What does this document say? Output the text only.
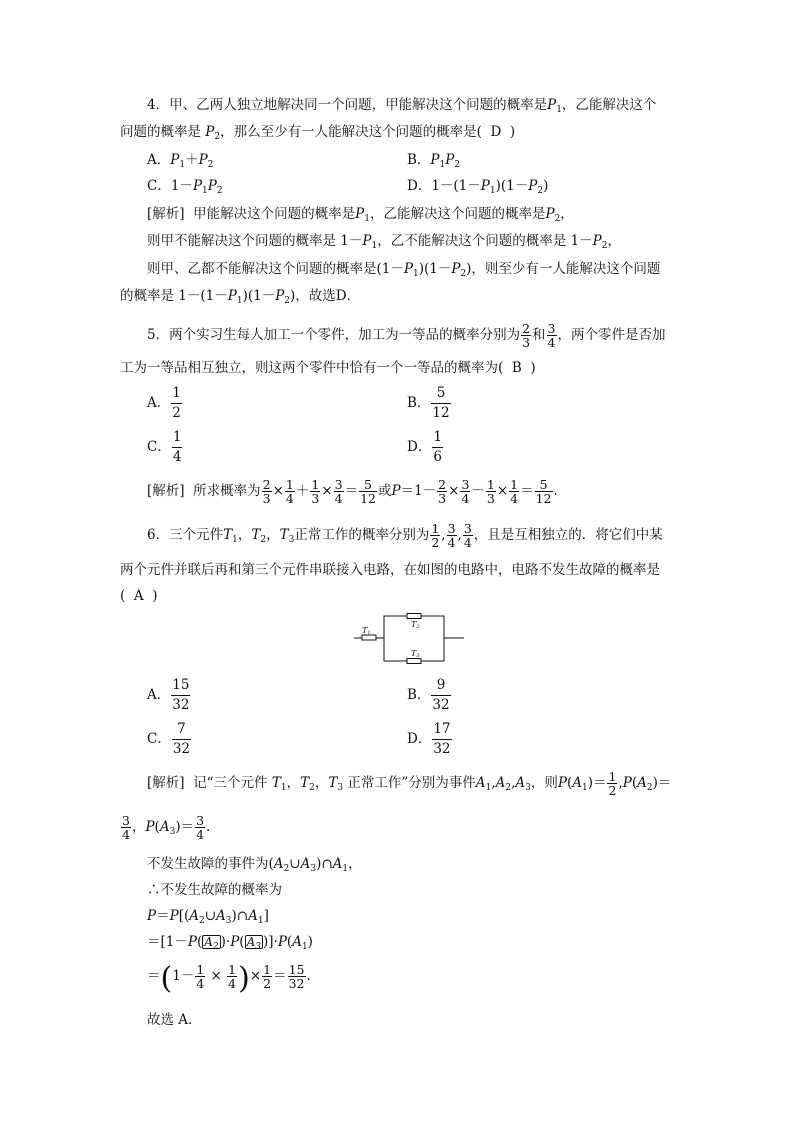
4．甲、乙两人独立地解决同一个问题，甲能解决这个问题的概率是$P_1$，乙能解决这个
问题的概率是 $P_2$，那么至少有一人能解决这个问题的概率是( D  )
A．$P_1+P_2$	B．$P_1P_2$
C．$1-P_1P_2$	D．$1-(1-P_1)(1-P_2)$
[解析] 甲能解决这个问题的概率是$P_1$，乙能解决这个问题的概率是$P_2$，
则甲不能解决这个问题的概率是 $1-P_1$，乙不能解决这个问题的概率是 $1-P_2$，
则甲、乙都不能解决这个问题的概率是$(1-P_1)(1-P_2)$，则至少有一人能解决这个问题
的概率是 $1-(1-P_1)(1-P_2)$，故选D．
5．两个实习生每人加工一个零件，加工为一等品的概率分别为 $\frac{2}{3}$ 和 $\frac{3}{4}$ ，两个零件是否加
工为一等品相互独立，则这两个零件中恰有一个一等品的概率为( B  )
A． $\frac{1}{2}$	B． $\frac{5}{12}$
C． $\frac{1}{4}$	D． $\frac{1}{6}$
[解析] 所求概率为 $\frac{2}{3} \times \frac{1}{4} + \frac{1}{3} \times \frac{3}{4} = \frac{5}{12}$ 或$P=1- \frac{2}{3} \times \frac{3}{4} - \frac{1}{3} \times \frac{1}{4} = \frac{5}{12}$ .
6．三个元件$T_1$，$T_2$，$T_3$正常工作的概率分别为 $\frac{1}{2}$ , $\frac{3}{4}$ , $\frac{3}{4}$ ，且是互相独立的．将它们中某
两个元件并联后再和第三个元件串联接入电路，在如图的电路中，电路不发生故障的概率是
(  A  )
T1
T2
T3
A． $\frac{15}{32}$	B． $\frac{9}{32}$
C． $\frac{7}{32}$	D． $\frac{17}{32}$
[解析] 记“三个元件 $T_1$，$T_2$，$T_3$ 正常工作”分别为事件$A_1,A_2,A_3$，则$P(A_1)= \frac{1}{2} ,P(A_2)=$
$\frac{3}{4}$ ，$P(A_3)= \frac{3}{4}$ .
不发生故障的事件为$(A_2\cup A_3)\cap A_1$，
∴不发生故障的概率为
$P=P[(A_2\cup A_3)\cap A_1]$
＝[1－P( $A_2$ )·P( $A_3$ )]$\cdot P(A_1)$
$=(1- \frac{1}{4} \times \frac{1}{4}$ )× $\frac{1}{2} = \frac{15}{32}$ .
故选 A．
